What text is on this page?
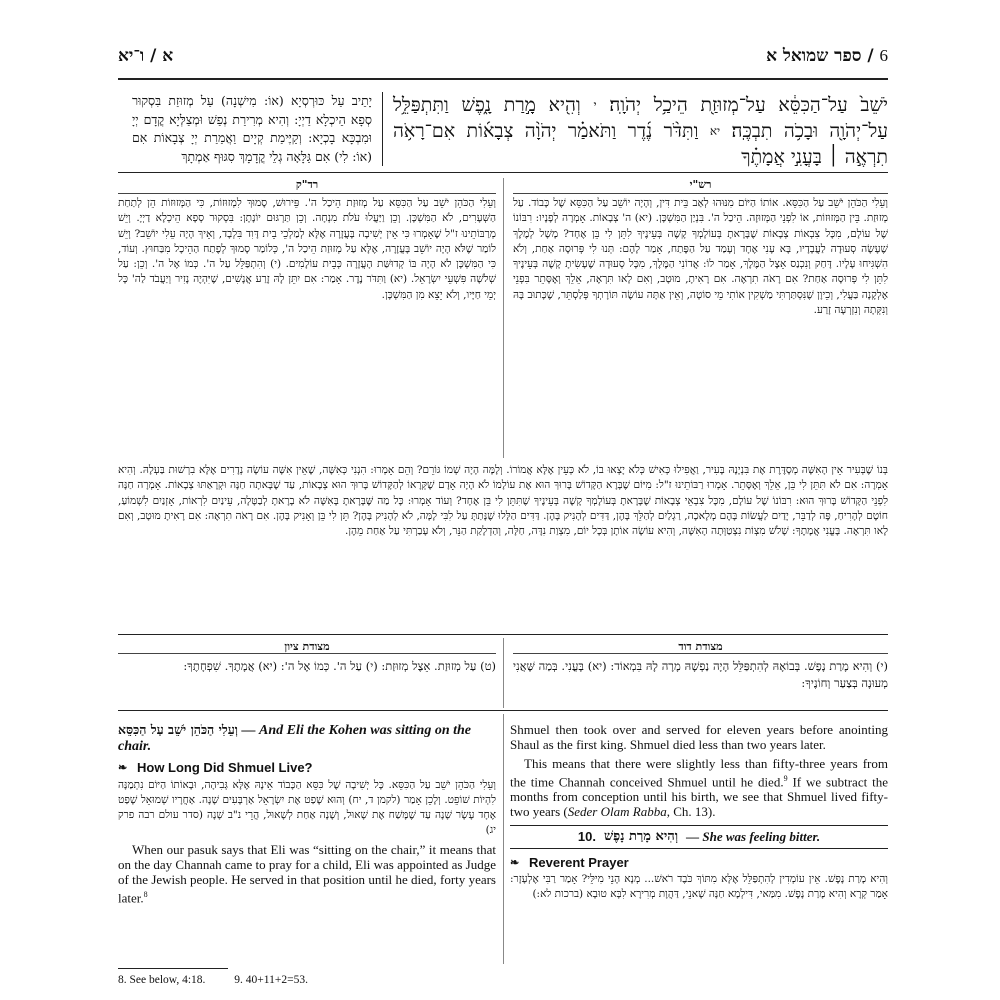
6 / ספר שמואל א
א / ו־יא
יֹשֵׁב֙ עַל־הַכִּסֵּ֔א עַל־מְזוּזַ֖ת הֵיכַ֥ל יְהֹוָֽה׃ $^י$ וְהִ֖יא מָ֣רַת נָ֑פֶשׁ וַתִּתְפַּלֵּ֥ל עַל־יְהֹוָ֖ה וּבָכֹ֥ה תִבְכֶּֽה׃ $^{יא}$ וַתִּדֹּ֨ר נֶ֜דֶר וַתֹּאמַ֗ר יְהֹוָ֨ה צְבָא֜וֹת אִם־רָאֹ֥ה תִרְאֶ֣ה ׀ בָּעֳנִ֣י אֲמָתֶ֗ךָ
יָתֵיב עַל כּוּרְסְיָא (אוֹ: מִישְׁנָה) עַל מְזוּזַת בִּסְקוּר סְפָא הֵיכְלָא דַיְיָ: וְהִיא מְרִירַת נְפַשׁ וּמְצַלְּיָא קֳדָם יְיָ וּמִבְכָּא בָכְיָא: וְקַיֶּימַת קְיָים וַאֲמַרַת יְיָ צְבָאוֹת אִם (אוֹ: לִי) אִם גַּלָּאָה גְלֵי קֳדָמָךְ סִגּוּף אַמְתָךְ
רש"י
רד"ק
וְעֵלִי הַכֹּהֵן יֹשֵׁב עַל הַכִּסֵּא. אוֹתוֹ הַיּוֹם מִנּוּהוּ לְאַב בֵּית דִּין, וְהָיָה יוֹשֵׁב עַל הַכִּסֵּא שֶׁל כָּבוֹד. עַל מְזוּזַת. בֵּין הַמְּזוּזוֹת, אוֹ לִפְנֵי הַמְּזוּזָה. הֵיכַל ה'. בִּנְיַן הַמִּשְׁכָּן. (יא) ה' צְבָאוֹת. אָמְרָה לְפָנָיו: רִבּוֹנוֹ שֶׁל עוֹלָם, מִכָּל צִבְאוֹת צְבָאוֹת שֶׁבָּרָאתָ בְּעוֹלָמְךָ קָשֶׁה בְּעֵינֶיךָ לִתֵּן לִי בֵּן אֶחָד? מָשָׁל לְמֶלֶךְ שֶׁעָשָׂה סְעוּדָה לַעֲבָדָיו, בָּא עָנִי אֶחָד וְעָמַד עַל הַפֶּתַח, אָמַר לָהֶם: תְּנוּ לִי פְּרוּסָה אַחַת, וְלֹא הִשְׁגִּיחוּ עָלָיו. דָּחַק וְנִכְנַס אֵצֶל הַמֶּלֶךְ, אָמַר לוֹ: אֲדוֹנִי הַמֶּלֶךְ, מִכָּל סְעוּדָה שֶׁעָשִׂיתָ קָשֶׁה בְּעֵינֶיךָ לִתֵּן לִי פְּרוּסָה אַחַת? אִם רָאֹה תִרְאֶה. אִם רָאִיתָ, מוּטָב, וְאִם לָאו תִּרְאֶה, אֵלֵךְ וְאֶסָּתֵר בִּפְנֵי אֶלְקָנָה בַּעֲלִי, וְכֵיוָן שֶׁנִּסְתַּרְתִּי מַשְׁקִין אוֹתִי מֵי סוֹטָה, וְאֵין אַתָּה עוֹשֶׂה תּוֹרָתְךָ פְּלַסְתֵּר, שֶׁכָּתוּב בָּהּ וְנִקְּתָה וְנִזְרְעָה זָרַע.
וְעֵלִי הַכֹּהֵן יֹשֵׁב עַל הַכִּסֵּא עַל מְזוּזַת הֵיכַל ה'. פֵּירוּשׁ, סָמוּךְ לִמְזוּזוֹת, כִּי הַמְּזוּזוֹת הֵן לְתַחַת הַשְּׁעָרִים, לֹא הַמִּשְׁכָּן. וְכֵן וַיַּעֲלוּ עֹלֹת מִנְחָה. וְכֵן תַּרְגּוּם יוֹנָתָן: בִּסְקוּר סְפָא הֵיכְלָא דַיְיָ. וְיֵשׁ מְרַבּוֹתֵינוּ ז"ל שֶׁאָמְרוּ כִּי אֵין יְשִׁיבָה בָּעֲזָרָה אֶלָּא לְמַלְכֵי בֵית דָּוִד בִּלְבָד, וְאֵיךְ הָיָה עֵלִי יוֹשֵׁב? וְיֵשׁ לוֹמַר שֶׁלֹּא הָיָה יוֹשֵׁב בָּעֲזָרָה, אֶלָּא עַל מְזוּזַת הֵיכַל ה', כְּלוֹמַר סָמוּךְ לְפֶתַח הַהֵיכָל מִבַּחוּץ. וְעוֹד, כִּי הַמִּשְׁכָּן לֹא הָיָה בּוֹ קְדוּשַּׁת הָעֲזָרָה כְּבֵית עוֹלָמִים. (י) וְהִתְפַּלֵּל עַל ה'. כְּמוֹ אֶל ה'. וְכֵן: עַל שְׁלֹשָׁה פִּשְׁעֵי יִשְׂרָאֵל. (יא) וַתִּדֹּר נֶדֶר. אָמַר: אִם יִתֵּן לָהּ זֶרַע אֲנָשִׁים, שֶׁיִּהְיֶה נָזִיר וְיַעֲבֹד לַה' כָּל יְמֵי חַיָּיו, וְלֹא יֵצֵא מִן הַמִּשְׁכָּן.
בְּנוֹ שֶׁבְּעִיר אֵין הָאִשָּׁה מְסָדֶּרֶת אֶת בִּנְיָנָהּ בָּעִיר, וַאֲפִילוּ כְּאִישׁ כְּלֹא יָצְאוּ בוֹ, לֹא כְּעֵין אֶלָּא אֲמוֹרוֹ. וְלָמָּה הָיָה שְׁמוֹ גּוֹרֵם? וְהֵם אָמְרוּ: הִנְנִי כְּאִשָּׁה, שֶׁאֵין אִשָּׁה עוֹשָׂה נְדָרִים אֶלָּא בִרְשׁוּת בַּעְלָהּ. וְהִיא אָמְרָה: אִם לֹא תִּתֵּן לִי בֵּן, אֵלֵךְ וְאֶסָּתֵר. אָמְרוּ רַבּוֹתֵינוּ ז"ל: מִיּוֹם שֶׁבָּרָא הַקָּדוֹשׁ בָּרוּךְ הוּא אֶת עוֹלָמוֹ לֹא הָיָה אָדָם שֶׁקְּרָאוֹ לְהַקָּדוֹשׁ בָּרוּךְ הוּא צְבָאוֹת, עַד שֶׁבָּאתָה חַנָּה וּקְרָאַתּוּ צְבָאוֹת. אָמְרָה חַנָּה לִפְנֵי הַקָּדוֹשׁ בָּרוּךְ הוּא: רִבּוֹנוֹ שֶׁל עוֹלָם, מִכָּל צִבְאֵי צְבָאוֹת שֶׁבָּרָאתָ בְּעוֹלָמְךָ קָשֶׁה בְּעֵינֶיךָ שֶׁתִּתֵּן לִי בֵּן אֶחָד? וְעוֹד אָמְרוּ: כָּל מַה שֶּׁבָּרָאתָ בָּאִשָּׁה לֹא בָרָאתָ לְבַטָּלָה, עֵינַיִם לִרְאוֹת, אָזְנַיִם לִשְׁמוֹעַ, חוֹטֶם לְהָרִיחַ, פֶּה לְדַבֵּר, יָדַיִם לַעֲשׂוֹת בָּהֶם מְלָאכָה, רַגְלַיִם לְהַלֵּךְ בָּהֶן, דַּדִּים לְהָנִיק בָּהֶן. דַּדִּים הַלָּלוּ שֶׁנָּתַתָּ עַל לִבִּי לָמָּה, לֹא לְהָנִיק בָּהֶן? תֵּן לִי בֵּן וְאָנִיק בָּהֶן. אִם רָאֹה תִרְאֶה: אִם רָאִיתָ מוּטָב, וְאִם לָאו תִּרְאֶה. בָּעֳנִי אֲמָתֶךָ: שָׁלֹשׁ מִצְוֹת נִצְטַוְּתָה הָאִשָּׁה, וְהִיא עוֹשָׂה אוֹתָן בְּכָל יוֹם, מִצְוַת נִדָּה, חַלָּה, וְהַדְלָקַת הַנֵּר, וְלֹא עָבַרְתִּי עַל אַחַת מֵהֶן.
מצודת דוד
מצודת ציון
(י) וְהִיא מָרַת נָפֶשׁ. בְּבוֹאָהּ לְהִתְפַּלֵּל הָיָה נַפְשָׁהּ מָרָה לָהּ בִּמְאוֹד: (יא) בָּעֳנִי. בְּמַה שֶּׁאֲנִי מְעוּנָה בְּצַעַר וְחוֹנֶיךָ:
(ט) עַל מְזוּזַת. אֵצֶל מְזוּזַת: (י) עַל ה'. כְּמוֹ אֶל ה': (יא) אֲמָתֶךָ. שִׁפְחָתֶךָ:
וְעֵלִי הַכֹּהֵן יֹשֵׁב עַל הַכִּסֵּא — And Eli the Kohen was sitting on the chair.
❧ How Long Did Shmuel Live?
וְעֵלִי הַכֹּהֵן יֹשֵׁב עַל הַכִּסֵּא. כָּל יְשִׁיבָה שֶׁל כִּסֵּא הַכָּבוֹד אֵינָהּ אֶלָּא גְּבִיהָה, וּבָאוֹתוֹ הַיּוֹם נִתְמַנָּה לִהְיוֹת שׁוֹפֵט. וְלָכֵן אָמַר (לקמן ד, יח) וְהוּא שָׁפַט אֶת יִשְׂרָאֵל אַרְבָּעִים שָׁנָה. אַחֲרָיו שְׁמוּאֵל שָׁפַט אֶחָד עָשָׂר שָׁנָה עַד שֶׁמָּשַׁח אֶת שָׁאוּל, וְשָׁנָה אַחַת לְשָׁאוּל, הֲרֵי נ"ב שָׁנָה (סדר עולם רבה פרק יג)
When our pasuk says that Eli was “sitting on the chair,” it means that on the day Channah came to pray for a child, Eli was appointed as Judge of the Jewish people. He served in that position until he died, forty years later.$^8$
Shmuel then took over and served for eleven years before anointing Shaul as the first king. Shmuel died less than two years later.
This means that there were slightly less than fifty-three years from the time Channah conceived Shmuel until he died.$^9$ If we subtract the months from conception until his birth, we see that Shmuel lived fifty-two years (Seder Olam Rabba, Ch. 13).
10. וְהִיא מָרַת נָפֶשׁ — She was feeling bitter.
❧ Reverent Prayer
וְהִיא מָרַת נָפֶשׁ. אֵין עוֹמְדִין לְהִתְפַּלֵּל אֶלָּא מִתּוֹךְ כֹּבֶד רֹאשׁ... מְנָא הָנֵי מִילֵּי? אָמַר רַבִּי אֶלְעָזָר: אָמַר קְרָא וְהִיא מָרַת נָפֶשׁ. מִמַּאי, דִּילְמָא חַנָּה שָׁאנֵי, דַּהֲוָת מְרִירָא לִבָּא טוּבָא (ברכות לא:)
8. See below, 4:18.	9. 40+11+2=53.
